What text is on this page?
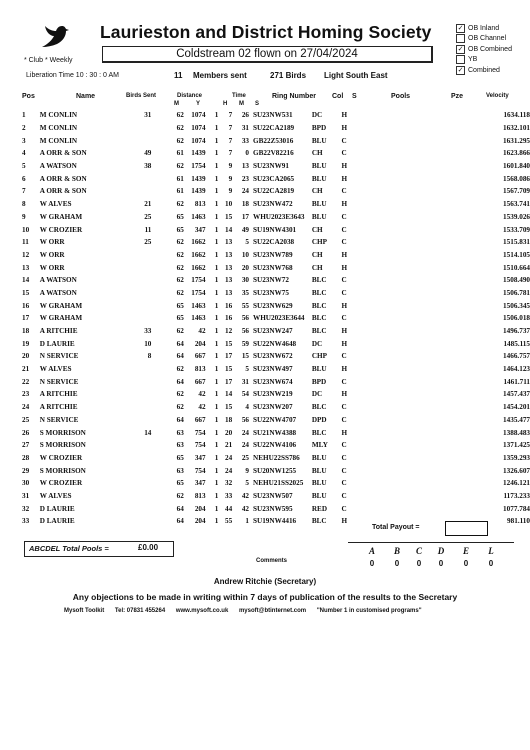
Laurieston and District Homing Society
Coldstream 02 flown on 27/04/2024
* Club * Weekly
✓ OB Inland
OB Channel
✓ OB Combined
YB
✓ Combined
Liberation Time 10 : 30 : 0 AM	11 Members sent	271 Birds Light South East
Pos	Name	Birds Sent	Distance	Time	Ring Number Col S	Pools	Pze	Velocity
M	Y	H M S
1	M CONLIN	31	62	1074	1	7	26	SU23NW531	DC	H			1634.118
2	M CONLIN		62	1074	1	7	31	SU22CA2189	BPD	H			1632.101
3	M CONLIN		62	1074	1	7	33	GB22Z53016	BLU	C			1631.295
4	A ORR & SON	49	61	1439	1	7	0	GB22V82216	CH	C			1623.866
5	A WATSON	38	62	1754	1	9	13	SU23NW91	BLU	H			1601.840
6	A ORR & SON		61	1439	1	9	23	SU23CA2065	BLU	H			1568.086
7	A ORR & SON		61	1439	1	9	24	SU22CA2819	CH	C			1567.709
8	W ALVES	21	62	813	1	10	18	SU23NW472	BLU	H			1563.741
9	W GRAHAM	25	65	1463	1	15	17	WHU2023E3643	BLU	C			1539.026
10	W CROZIER	11	65	347	1	14	49	SU19NW4301	CH	C			1533.709
11	W ORR	25	62	1662	1	13	5	SU22CA2038	CHP	C			1515.831
12	W ORR		62	1662	1	13	10	SU23NW789	CH	H			1514.105
13	W ORR		62	1662	1	13	20	SU23NW768	CH	H			1510.664
14	A WATSON		62	1754	1	13	30	SU23NW72	BLC	C			1508.490
15	A WATSON		62	1754	1	13	35	SU23NW75	BLC	C			1506.781
16	W GRAHAM		65	1463	1	16	55	SU23NW629	BLC	H			1506.345
17	W GRAHAM		65	1463	1	16	56	WHU2023E3644	BLC	C			1506.018
18	A RITCHIE	33	62	42	1	12	56	SU23NW247	BLC	H			1496.737
19	D LAURIE	10	64	204	1	15	59	SU22NW4648	DC	H			1485.115
20	N SERVICE	8	64	667	1	17	15	SU23NW672	CHP	C			1466.757
21	W ALVES		62	813	1	15	5	SU23NW497	BLU	H			1464.123
22	N SERVICE		64	667	1	17	31	SU23NW674	BPD	C			1461.711
23	A RITCHIE		62	42	1	14	54	SU23NW219	DC	H			1457.437
24	A RITCHIE		62	42	1	15	4	SU23NW207	BLC	C			1454.201
25	N SERVICE		64	667	1	18	56	SU22NW4707	DPD	C			1435.477
26	S MORRISON	14	63	754	1	20	24	SU21NW4388	BLC	H			1388.483
27	S MORRISON		63	754	1	21	24	SU22NW4106	MLY	C			1371.425
28	W CROZIER		65	347	1	24	25	NEHU22SS786	BLU	C			1359.293
29	S MORRISON		63	754	1	24	9	SU20NW1255	BLU	C			1326.607
30	W CROZIER		65	347	1	32	5	NEHU21SS2025	BLU	C			1246.121
31	W ALVES		62	813	1	33	42	SU23NW507	BLU	C			1173.233
32	D LAURIE		64	204	1	44	42	SU23NW595	RED	C			1077.784
33	D LAURIE		64	204	1	55	1	SU19NW4416	BLC	H			981.110
Total Payout =
ABCDEL Total Pools =	£0.00	A	B	C	D	E	L
0	0	0	0	0	0
Comments
Andrew Ritchie (Secretary)
Any objections to be made in writing within 7 days of publication of the results to the Secretary
Mysoft Toolkit Tel: 07831 455264 www.mysoft.co.uk mysoft@btinternet.com "Number 1 in customised programs"
